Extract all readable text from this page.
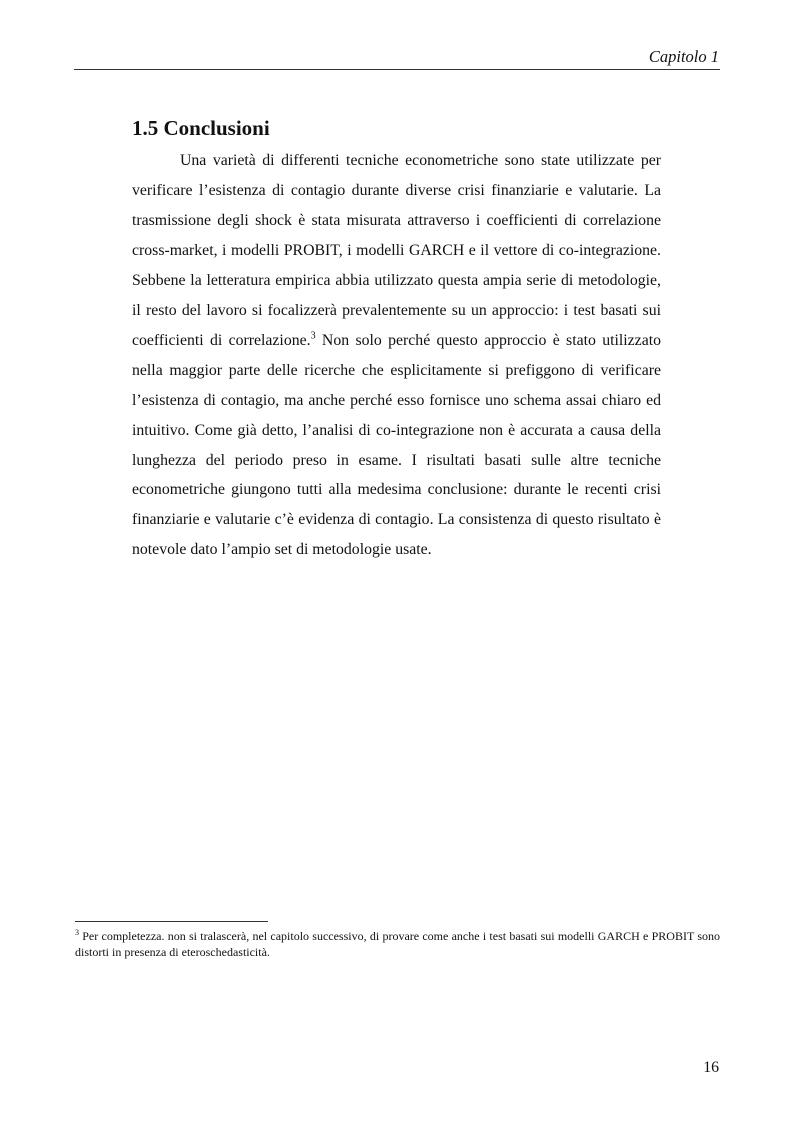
Capitolo 1
1.5 Conclusioni

Una varietà di differenti tecniche econometriche sono state utilizzate per verificare l’esistenza di contagio durante diverse crisi finanziarie e valutarie. La trasmissione degli shock è stata misurata attraverso i coefficienti di correlazione cross-market, i modelli PROBIT, i modelli GARCH e il vettore di co-integrazione. Sebbene la letteratura empirica abbia utilizzato questa ampia serie di metodologie, il resto del lavoro si focalizzerà prevalentemente su un approccio: i test basati sui coefficienti di correlazione.$^3$ Non solo perché questo approccio è stato utilizzato nella maggior parte delle ricerche che esplicitamente si prefiggono di verificare l’esistenza di contagio, ma anche perché esso fornisce uno schema assai chiaro ed intuitivo. Come già detto, l’analisi di co-integrazione non è accurata a causa della lunghezza del periodo preso in esame. I risultati basati sulle altre tecniche econometriche giungono tutti alla medesima conclusione: durante le recenti crisi finanziarie e valutarie c’è evidenza di contagio. La consistenza di questo risultato è notevole dato l’ampio set di metodologie usate.

$^3$ Per completezza. non si tralascerà, nel capitolo successivo, di provare come anche i test basati sui modelli GARCH e PROBIT sono distorti in presenza di eteroschedasticità.

16
